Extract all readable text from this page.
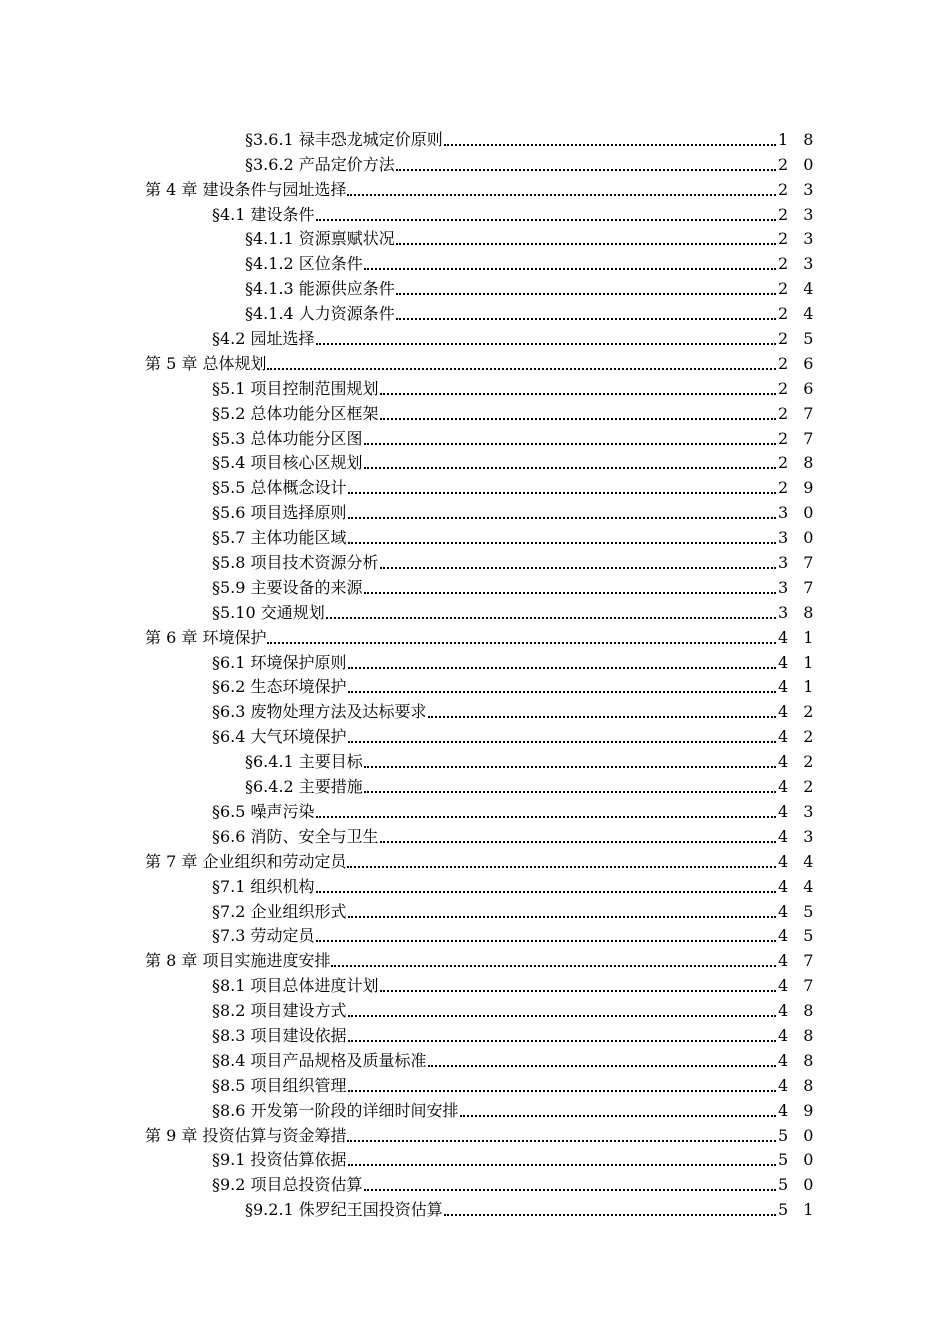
§3.6.1 禄丰恐龙城定价原则	1 8
§3.6.2 产品定价方法	2 0
第 4 章 建设条件与园址选择	2 3
§4.1 建设条件	2 3
§4.1.1 资源禀赋状况	2 3
§4.1.2 区位条件	2 3
§4.1.3 能源供应条件	2 4
§4.1.4 人力资源条件	2 4
§4.2 园址选择	2 5
第 5 章 总体规划	2 6
§5.1 项目控制范围规划	2 6
§5.2 总体功能分区框架	2 7
§5.3 总体功能分区图	2 7
§5.4 项目核心区规划	2 8
§5.5 总体概念设计	2 9
§5.6 项目选择原则	3 0
§5.7 主体功能区域	3 0
§5.8 项目技术资源分析	3 7
§5.9 主要设备的来源	3 7
§5.10 交通规划	3 8
第 6 章 环境保护	4 1
§6.1 环境保护原则	4 1
§6.2 生态环境保护	4 1
§6.3 废物处理方法及达标要求	4 2
§6.4 大气环境保护	4 2
§6.4.1 主要目标	4 2
§6.4.2 主要措施	4 2
§6.5 噪声污染	4 3
§6.6 消防、安全与卫生	4 3
第 7 章 企业组织和劳动定员	4 4
§7.1 组织机构	4 4
§7.2 企业组织形式	4 5
§7.3 劳动定员	4 5
第 8 章 项目实施进度安排	4 7
§8.1 项目总体进度计划	4 7
§8.2 项目建设方式	4 8
§8.3 项目建设依据	4 8
§8.4 项目产品规格及质量标准	4 8
§8.5 项目组织管理	4 8
§8.6 开发第一阶段的详细时间安排	4 9
第 9 章 投资估算与资金筹措	5 0
§9.1 投资估算依据	5 0
§9.2 项目总投资估算	5 0
§9.2.1 侏罗纪王国投资估算	5 1
